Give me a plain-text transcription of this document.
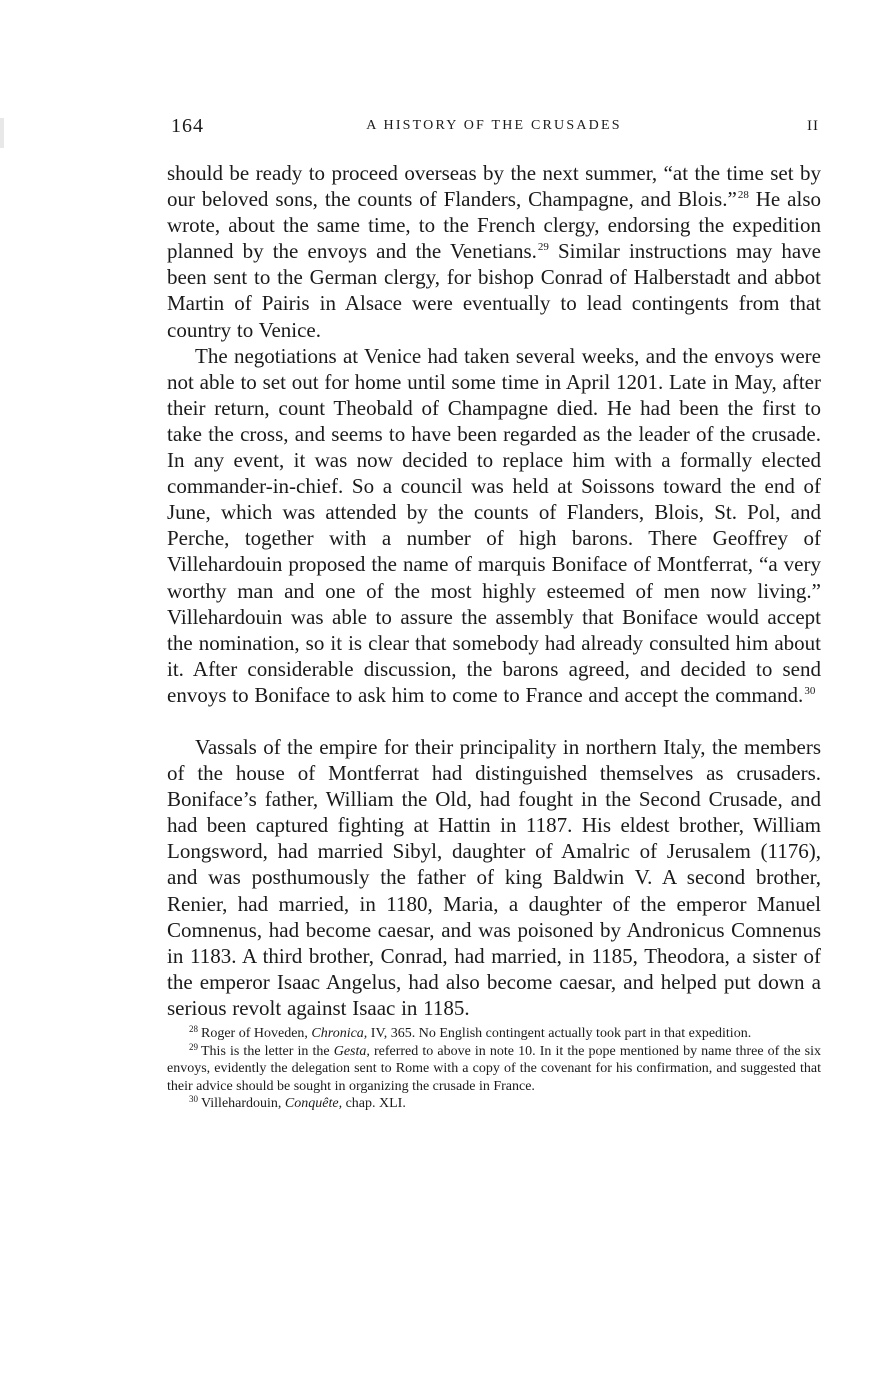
164	A HISTORY OF THE CRUSADES	II

should be ready to proceed overseas by the next summer, “at the time set by our beloved sons, the counts of Flanders, Champagne, and Blois.”$^{28}$ He also wrote, about the same time, to the French clergy, endorsing the expedition planned by the envoys and the Venetians.$^{29}$ Similar instructions may have been sent to the German clergy, for bishop Conrad of Halberstadt and abbot Martin of Pairis in Alsace were eventually to lead contingents from that country to Venice.

The negotiations at Venice had taken several weeks, and the envoys were not able to set out for home until some time in April 1201. Late in May, after their return, count Theobald of Champagne died. He had been the first to take the cross, and seems to have been regarded as the leader of the crusade. In any event, it was now decided to replace him with a formally elected commander-in-chief. So a council was held at Soissons toward the end of June, which was attended by the counts of Flanders, Blois, St. Pol, and Perche, together with a number of high barons. There Geoffrey of Villehardouin proposed the name of marquis Boniface of Montferrat, “a very worthy man and one of the most highly esteemed of men now living.” Villehardouin was able to assure the assembly that Boniface would accept the nomination, so it is clear that somebody had already consulted him about it. After considerable discussion, the barons agreed, and decided to send envoys to Boniface to ask him to come to France and accept the command.$^{30}$

Vassals of the empire for their principality in northern Italy, the members of the house of Montferrat had distinguished themselves as crusaders. Boniface’s father, William the Old, had fought in the Second Crusade, and had been captured fighting at Hattin in 1187. His eldest brother, William Longsword, had married Sibyl, daughter of Amalric of Jerusalem (1176), and was posthumously the father of king Baldwin V. A second brother, Renier, had married, in 1180, Maria, a daughter of the emperor Manuel Comnenus, had become caesar, and was poisoned by Andronicus Comnenus in 1183. A third brother, Conrad, had married, in 1185, Theodora, a sister of the emperor Isaac Angelus, had also become caesar, and helped put down a serious revolt against Isaac in 1185.

$^{28}$ Roger of Hoveden, Chronica, IV, 365. No English contingent actually took part in that expedition.

$^{29}$ This is the letter in the Gesta, referred to above in note 10. In it the pope mentioned by name three of the six envoys, evidently the delegation sent to Rome with a copy of the covenant for his confirmation, and suggested that their advice should be sought in organizing the crusade in France.

$^{30}$ Villehardouin, Conquête, chap. XLI.
